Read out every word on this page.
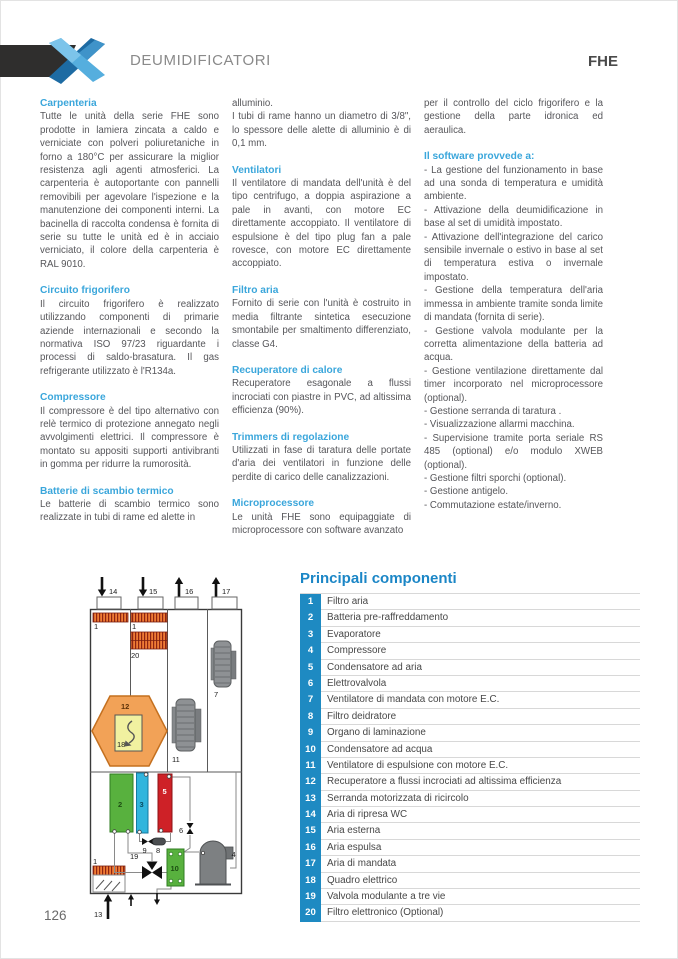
DEUMIDIFICATORI	FHE
Carpenteria

Tutte le unità della serie FHE sono prodotte in lamiera zincata a caldo e verniciate con polveri poliuretaniche in forno a 180°C per assicurare la miglior resistenza agli agenti atmosferici. La carpenteria è autoportante con pannelli removibili per agevolare l'ispezione e la manutenzione dei componenti interni. La bacinella di raccolta condensa è fornita di serie su tutte le unità ed è in acciaio verniciato, il colore della carpenteria è RAL 9010.

Circuito frigorifero

Il circuito frigorifero è realizzato utilizzando componenti di primarie aziende internazionali e secondo la normativa ISO 97/23 riguardante i processi di saldo-brasatura. Il gas refrigerante utilizzato è l'R134a.

Compressore

Il compressore è del tipo alternativo con relè termico di protezione annegato negli avvolgimenti elettrici. Il compressore è montato su appositi supporti antivibranti in gomma per ridurre la rumorosità.

Batterie di scambio termico

Le batterie di scambio termico sono realizzate in tubi di rame ed alette in

alluminio.

I tubi di rame hanno un diametro di 3/8", lo spessore delle alette di alluminio è di 0,1 mm.

Ventilatori

Il ventilatore di mandata dell'unità è del tipo centrifugo, a doppia aspirazione a pale in avanti, con motore EC direttamente accoppiato. Il ventilatore di espulsione è del tipo plug fan a pale rovesce, con motore EC direttamente accoppiato.

Filtro aria

Fornito di serie con l'unità è costruito in media filtrante sintetica esecuzione smontabile per smaltimento differenziato, classe G4.

Recuperatore di calore

Recuperatore esagonale a flussi incrociati con piastre in PVC, ad altissima efficienza (90%).

Trimmers di regolazione

Utilizzati in fase di taratura delle portate d'aria dei ventilatori in funzione delle perdite di carico delle canalizzazioni.

Microprocessore

Le unità FHE sono equipaggiate di microprocessore con software avanzato

per il controllo del ciclo frigorifero e la gestione della parte idronica ed aeraulica.

Il software provvede a:

- La gestione del funzionamento in base ad una sonda di temperatura e umidità ambiente.

- Attivazione della deumidificazione in base al set di umidità impostato.

- Attivazione dell'integrazione del carico sensibile invernale o estivo in base al set di temperatura estiva o invernale impostato.

- Gestione della temperatura dell'aria immessa in ambiente tramite sonda limite di mandata (fornita di serie).

- Gestione valvola modulante per la corretta alimentazione della batteria ad acqua.

- Gestione ventilazione direttamente dal timer incorporato nel microprocessore (optional).

- Gestione serranda di taratura .

- Visualizzazione allarmi macchina.

- Supervisione tramite porta seriale RS 485 (optional) e/o modulo XWEB (optional).

- Gestione filtri sporchi (optional).

- Gestione antigelo.

- Commutazione estate/inverno.

Principali componenti
1	Filtro aria
2	Batteria pre-raffreddamento
3	Evaporatore
4	Compressore
5	Condensatore ad aria
6	Elettrovalvola
7	Ventilatore di mandata con motore E.C.
8	Filtro deidratore
9	Organo di laminazione
10	Condensatore ad acqua
11	Ventilatore di espulsione con motore E.C.
12	Recuperatore a flussi incrociati ad altissima efficienza
13	Serranda motorizzata di ricircolo
14	Aria di ripresa WC
15	Aria esterna
16	Aria espulsa
17	Aria di mandata
18	Quadro elettrico
19	Valvola modulante a tre vie
20	Filtro elettronico (Optional)
14	15	16	17
1	1
20
12
18
11
7
2 3
5
6
9 8
10
4
19
1
13
126
